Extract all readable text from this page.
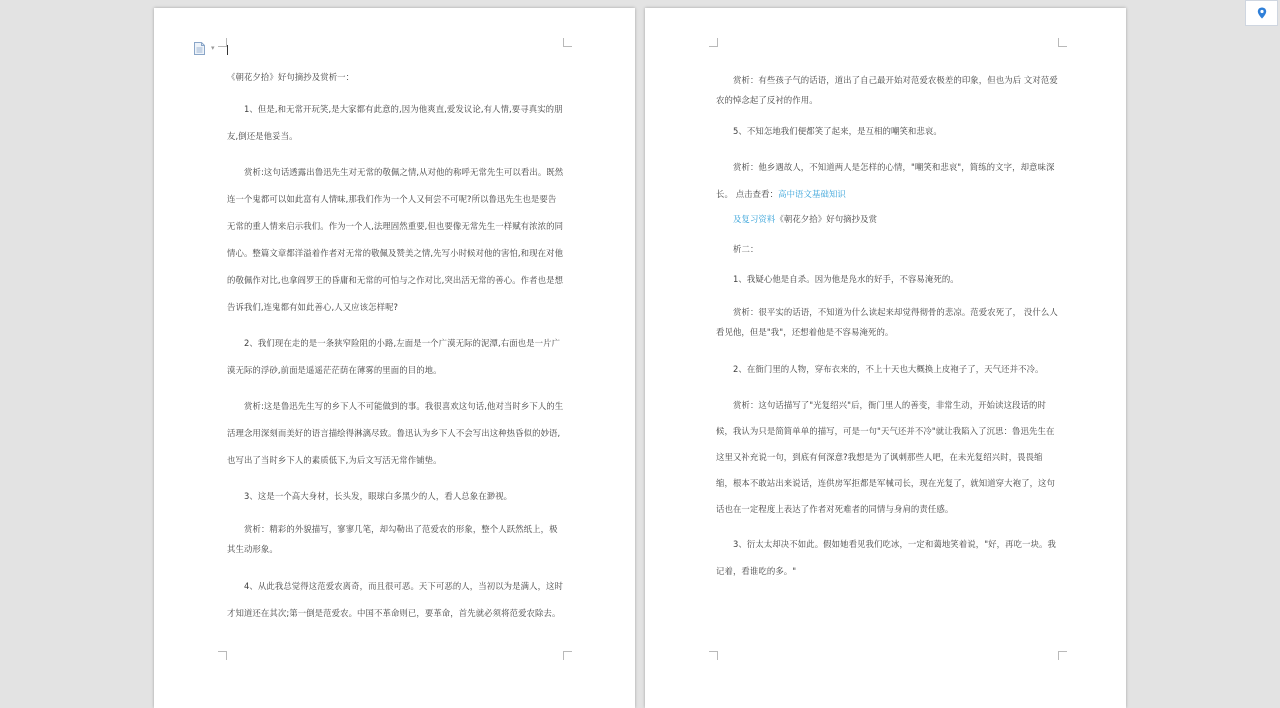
▾

《朝花夕拾》好句摘抄及赏析一：

1、但是,和无常开玩笑,是大家都有此意的,因为他爽直,爱发议论,有人情,要寻真实的朋友,倒还是他妥当。

赏析:这句话透露出鲁迅先生对无常的敬佩之情,从对他的称呼无常先生可以看出。既然连一个鬼都可以如此富有人情味,那我们作为一个人又何尝不可呢?所以鲁迅先生也是要告无常的重人情来启示我们。作为一个人,法理固然重要,但也要像无常先生一样赋有浓浓的同情心。整篇文章都洋溢着作者对无常的敬佩及赞美之情,先写小时候对他的害怕,和现在对他的敬佩作对比,也拿阎罗王的昏庸和无常的可怕与之作对比,突出活无常的善心。作者也是想告诉我们,连鬼都有如此善心,人又应该怎样呢?

2、我们现在走的是一条狭窄险阻的小路,左面是一个广漠无际的泥潭,右面也是一片广漠无际的浮砂,前面是遥遥茫茫荫在薄雾的里面的目的地。

赏析:这是鲁迅先生写的乡下人不可能做到的事。我很喜欢这句话,他对当时乡下人的生活理念用深刻而美好的语言描绘得淋漓尽致。鲁迅认为乡下人不会写出这种热昏似的妙语,也写出了当时乡下人的素质低下,为后文写活无常作铺垫。

3、这是一个高大身材，长头发，眼球白多黑少的人，看人总象在渺视。

赏析：精彩的外貌描写，寥寥几笔，却勾勒出了范爱农的形象，整个人跃然纸上，极其生动形象。

4、从此我总觉得这范爱农离奇，而且很可恶。天下可恶的人，当初以为是满人，这时才知道还在其次;第一倒是范爱农。中国不革命则已，要革命，首先就必须将范爱农除去。

赏析：有些孩子气的话语，道出了自己最开始对范爱农极差的印象，但也为后 文对范爱农的悼念起了反衬的作用。

5、不知怎地我们便都笑了起来，是互相的嘲笑和悲哀。

赏析：他乡遇故人，不知道两人是怎样的心情，"嘲笑和悲哀"，简练的文字，却意味深长。 点击查看：高中语文基础知识

及复习资料《朝花夕拾》好句摘抄及赏

析二：

1、我疑心他是自杀。因为他是凫水的好手，不容易淹死的。

赏析：很平实的话语，不知道为什么读起来却觉得彻骨的悲凉。范爱农死了， 没什么人看见他，但是"我"，还想着他是不容易淹死的。

2、在衙门里的人物，穿布衣来的，不上十天也大概换上皮袍子了，天气还并不冷。

赏析：这句话描写了"光复绍兴"后，衙门里人的善变，非常生动，开始读这段话的时候，我认为只是简简单单的描写，可是一句"天气还并不冷"就让我陷入了沉思：鲁迅先生在这里又补充说一句，到底有何深意?我想是为了讽刺那些人吧，在未光复绍兴时，畏畏缩缩，根本不敢站出来说话，连供房军拒都是军械司长，现在光复了，就知道穿大袍了，这句话也在一定程度上表达了作者对死难者的同情与身肩的责任感。

3、衍太太却决不如此。假如她看见我们吃冰，一定和蔼地笑着说，"好，再吃一块。我记着，看谁吃的多。"
